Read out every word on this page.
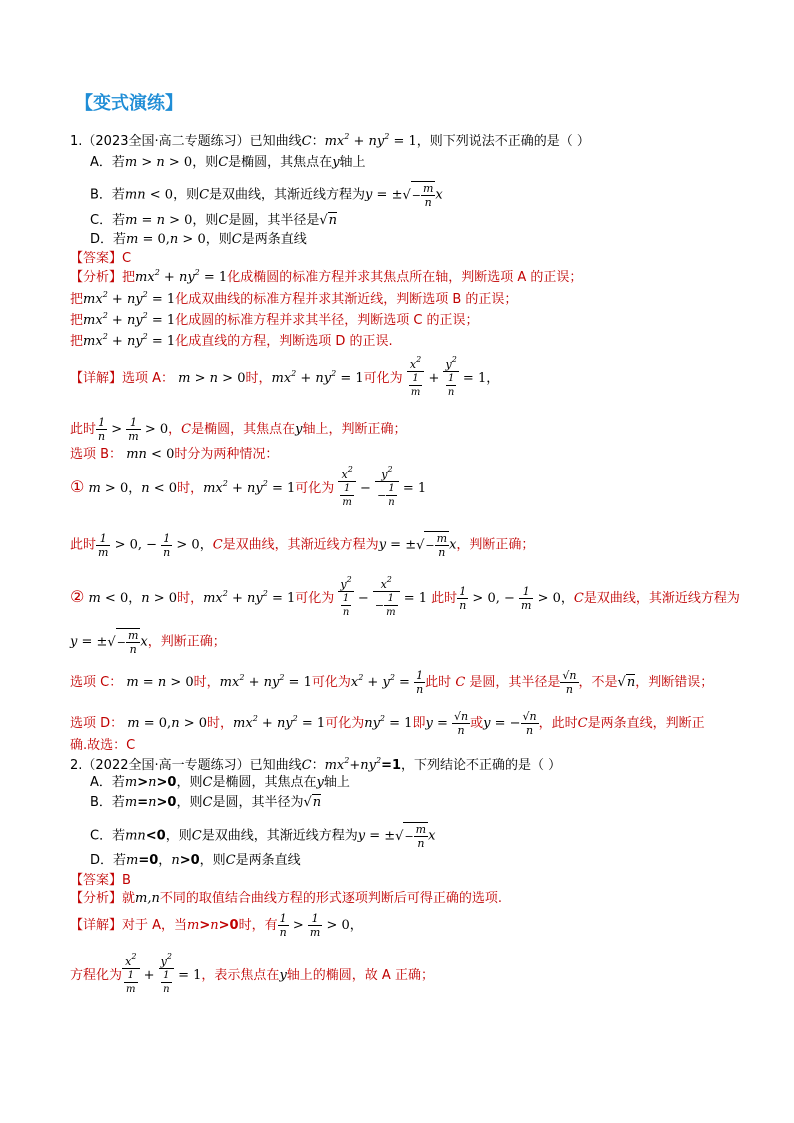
【变式演练】
1.（2023全国·高二专题练习）已知曲线C：$mx^2 + ny^2 = 1$，则下列说法不正确的是（ ）
A．若m > n > 0，则C是椭圆，其焦点在y轴上
B．若mn < 0，则C是双曲线，其渐近线方程为y = ±√− $\frac{m}{n}$ x
C．若m = n > 0，则C是圆，其半径是√n
D．若m = 0,n > 0，则C是两条直线
【答案】C
【分析】把$mx^2 + ny^2 = 1$化成椭圆的标准方程并求其焦点所在轴，判断选项 A 的正误；
把$mx^2 + ny^2 = 1$化成双曲线的标准方程并求其渐近线，判断选项 B 的正误；
把$mx^2 + ny^2 = 1$化成圆的标准方程并求其半径，判断选项 C 的正误；
把$mx^2 + ny^2 = 1$化成直线的方程，判断选项 D 的正误.
【详解】选项 A： m > n > 0时，$mx^2 + ny^2 = 1$可化为 $\frac{x^2}{\frac{1}{m}} + \frac{y^2}{\frac{1}{n}} = 1$，
此时 $\frac{1}{n} > \frac{1}{m} > 0$，C是椭圆，其焦点在y轴上，判断正确；
选项 B： mn < 0时分为两种情况：
① m > 0，n < 0时，$mx^2 + ny^2 = 1$可化为 $\frac{x^2}{\frac{1}{m}} - \frac{y^2}{- \frac{1}{n}} = 1$
此时 $\frac{1}{m} > 0$, − $\frac{1}{n} > 0$，C是双曲线，其渐近线方程为y = ±√− $\frac{m}{n}$ x，判断正确；
② m < 0，n > 0时，$mx^2 + ny^2 = 1$可化为 $\frac{y^2}{\frac{1}{n}} - \frac{x^2}{- \frac{1}{m}} = 1$ 此时 $\frac{1}{n} > 0$, − $\frac{1}{m} > 0$，C是双曲线，其渐近线方程为
y = ±√− $\frac{m}{n}$ x，判断正确；
选项 C： m = n > 0时，$mx^2 + ny^2 = 1$可化为$x^2 + y^2 = \frac{1}{n}$ 此时 C 是圆，其半径是 $\frac{√n}{n}$ ，不是√n，判断错误；
选项 D： m = 0,n > 0时，$mx^2 + ny^2 = 1$可化为$ny^2 = 1$即$y = \frac{√n}{n}$ 或y = − $\frac{√n}{n}$ ，此时C是两条直线，判断正
确.故选：C
2.（2022全国·高一专题练习）已知曲线C：$mx^2+ny^2=1$，下列结论不正确的是（ ）
A．若m>n>0，则C是椭圆，其焦点在y轴上
B．若m=n>0，则C是圆，其半径为√n
C．若mn<0，则C是双曲线，其渐近线方程为y = ±√− $\frac{m}{n}$ x
D．若m=0，n>0，则C是两条直线
【答案】B
【分析】就m,n不同的取值结合曲线方程的形式逐项判断后可得正确的选项.
【详解】对于 A，当m>n>0时，有 $\frac{1}{n} > \frac{1}{m} > 0$，
方程化为 $\frac{x^2}{\frac{1}{m}} + \frac{y^2}{\frac{1}{n}} = 1$，表示焦点在y轴上的椭圆，故 A 正确；
